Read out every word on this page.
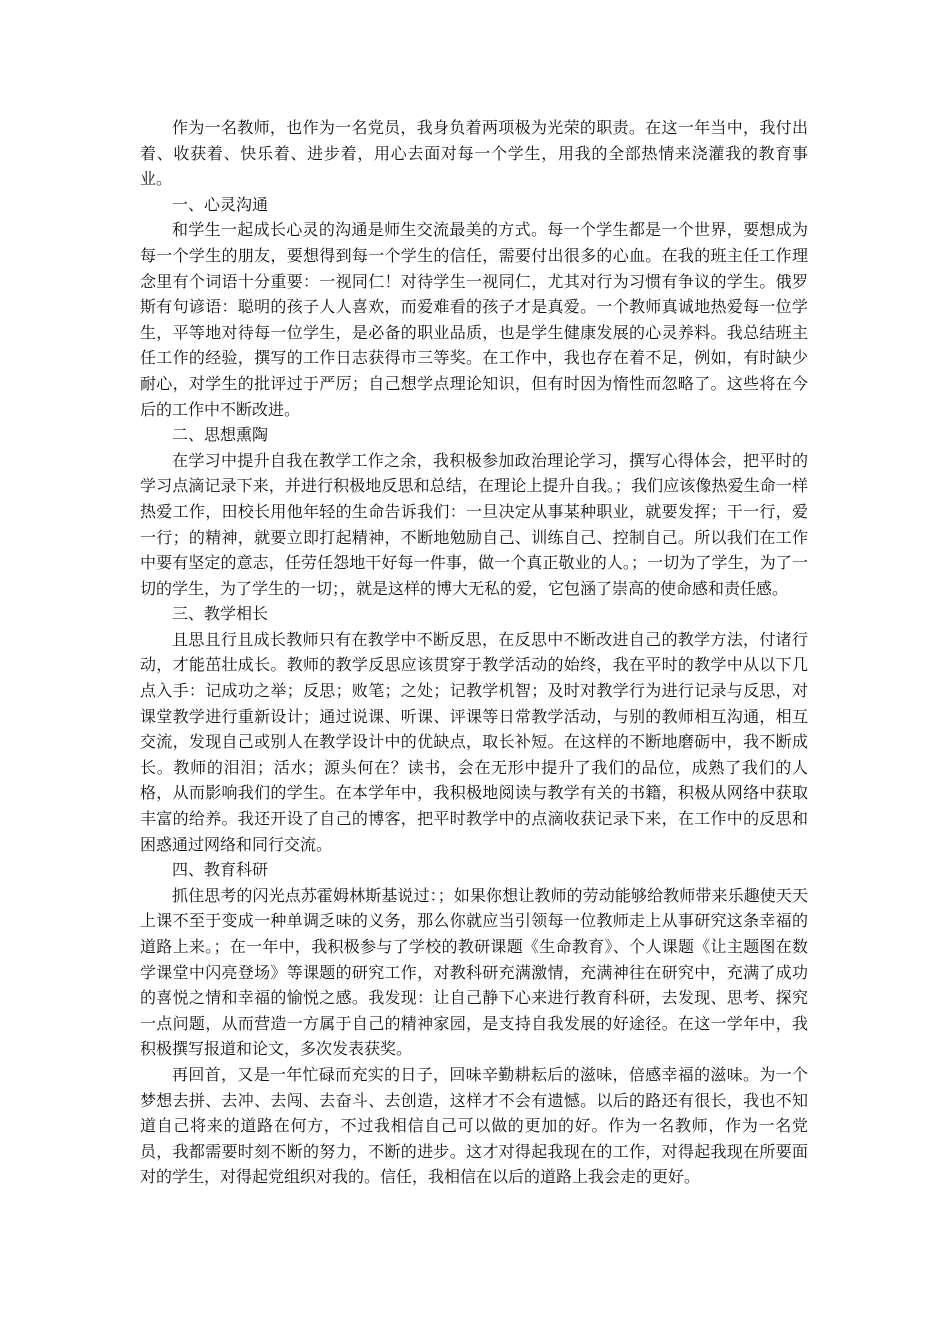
作为一名教师，也作为一名党员，我身负着两项极为光荣的职责。在这一年当中，我付出着、收获着、快乐着、进步着，用心去面对每一个学生，用我的全部热情来浇灌我的教育事业。

一、心灵沟通

和学生一起成长心灵的沟通是师生交流最美的方式。每一个学生都是一个世界，要想成为每一个学生的朋友，要想得到每一个学生的信任，需要付出很多的心血。在我的班主任工作理念里有个词语十分重要：一视同仁！对待学生一视同仁，尤其对行为习惯有争议的学生。俄罗斯有句谚语：聪明的孩子人人喜欢，而爱难看的孩子才是真爱。一个教师真诚地热爱每一位学生，平等地对待每一位学生，是必备的职业品质，也是学生健康发展的心灵养料。我总结班主任工作的经验，撰写的工作日志获得市三等奖。在工作中，我也存在着不足，例如，有时缺少耐心，对学生的批评过于严厉；自己想学点理论知识，但有时因为惰性而忽略了。这些将在今后的工作中不断改进。

二、思想熏陶

在学习中提升自我在教学工作之余，我积极参加政治理论学习，撰写心得体会，把平时的学习点滴记录下来，并进行积极地反思和总结，在理论上提升自我。；我们应该像热爱生命一样热爱工作，田校长用他年轻的生命告诉我们：一旦决定从事某种职业，就要发挥；干一行，爱一行；的精神，就要立即打起精神，不断地勉励自己、训练自己、控制自己。所以我们在工作中要有坚定的意志，任劳任怨地干好每一件事，做一个真正敬业的人。；一切为了学生，为了一切的学生，为了学生的一切；，就是这样的博大无私的爱，它包涵了崇高的使命感和责任感。

三、教学相长

且思且行且成长教师只有在教学中不断反思，在反思中不断改进自己的教学方法，付诸行动，才能茁壮成长。教师的教学反思应该贯穿于教学活动的始终，我在平时的教学中从以下几点入手：记成功之举；反思；败笔；之处；记教学机智；及时对教学行为进行记录与反思，对课堂教学进行重新设计；通过说课、听课、评课等日常教学活动，与别的教师相互沟通，相互交流，发现自己或别人在教学设计中的优缺点，取长补短。在这样的不断地磨砺中，我不断成长。教师的泪泪；活水；源头何在？读书，会在无形中提升了我们的品位，成熟了我们的人格，从而影响我们的学生。在本学年中，我积极地阅读与教学有关的书籍，积极从网络中获取丰富的给养。我还开设了自己的博客，把平时教学中的点滴收获记录下来，在工作中的反思和困惑通过网络和同行交流。

四、教育科研

抓住思考的闪光点苏霍姆林斯基说过：；如果你想让教师的劳动能够给教师带来乐趣使天天上课不至于变成一种单调乏味的义务，那么你就应当引领每一位教师走上从事研究这条幸福的道路上来。；在一年中，我积极参与了学校的教研课题《生命教育》、个人课题《让主题图在数学课堂中闪亮登场》等课题的研究工作，对教科研充满激情，充满神往在研究中，充满了成功的喜悦之情和幸福的愉悦之感。我发现：让自己静下心来进行教育科研，去发现、思考、探究一点问题，从而营造一方属于自己的精神家园，是支持自我发展的好途径。在这一学年中，我积极撰写报道和论文，多次发表获奖。

再回首，又是一年忙碌而充实的日子，回味辛勤耕耘后的滋味，倍感幸福的滋味。为一个梦想去拼、去冲、去闯、去奋斗、去创造，这样才不会有遗憾。以后的路还有很长，我也不知道自己将来的道路在何方，不过我相信自己可以做的更加的好。作为一名教师，作为一名党员，我都需要时刻不断的努力，不断的进步。这才对得起我现在的工作，对得起我现在所要面对的学生，对得起党组织对我的。信任，我相信在以后的道路上我会走的更好。
